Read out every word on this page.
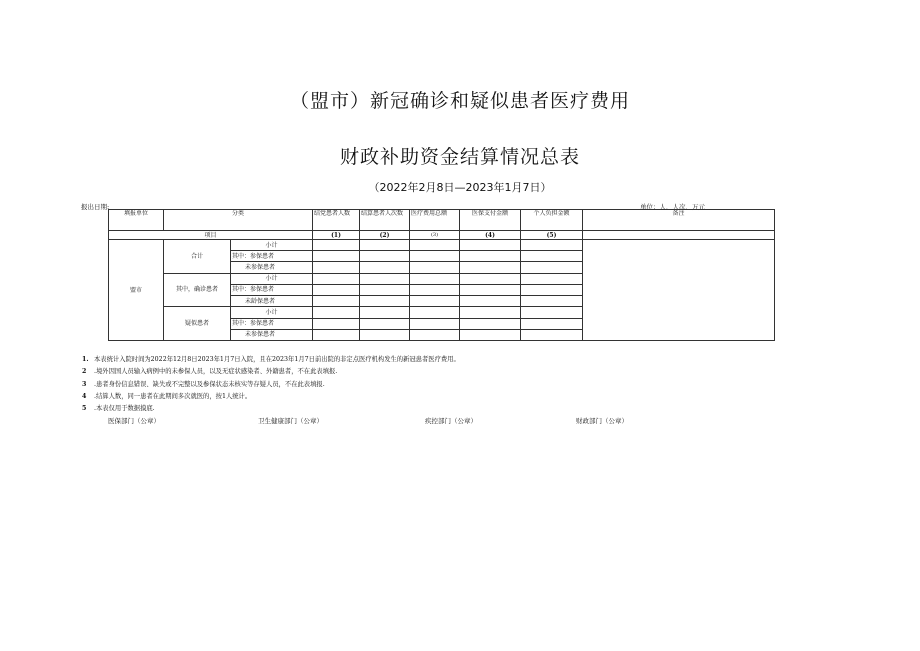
（盟市）新冠确诊和疑似患者医疗费用
财政补助资金结算情况总表
（2022年2月8日—2023年1月7日）
报出日期:	单位：人、人次、万元
填报单位	分类		结党患者人数	结算患者人次数	医疗费用总额	医保支付金额	个人负担金额	备注
项目			(1)	(2)	(3)	(4)	(5)	
盟市	合计	小计						
		其中：参保患者						
		未参保患者						
	其中，确诊患者	小计						
		其中：参保患者						
		未龄保患者						
	疑似患者	小计						
		其中：参保患者						
		未参保患者						
1. 本表统计入院时间为2022年12月8日2023年1月7日入院，且在2023年1月7日前出院的非定点医疗机构发生的新冠患者医疗费用。
2 .境外因国人员输入病例中的未参保人员，以及无症状感染者、外籍患者，不在此表填报.
3 .患者身份信息错误、缺失或不完整以及参保状态未核实等存疑人员，不在此表填报.
4 .结算人数，同一患者在此期间多次就医的，按1人统计。
5 .本表仅用于数据摸底.
医保部门（公章）	卫生健康部门（公章）	疾控部门（公章）	财政部门（公章）
